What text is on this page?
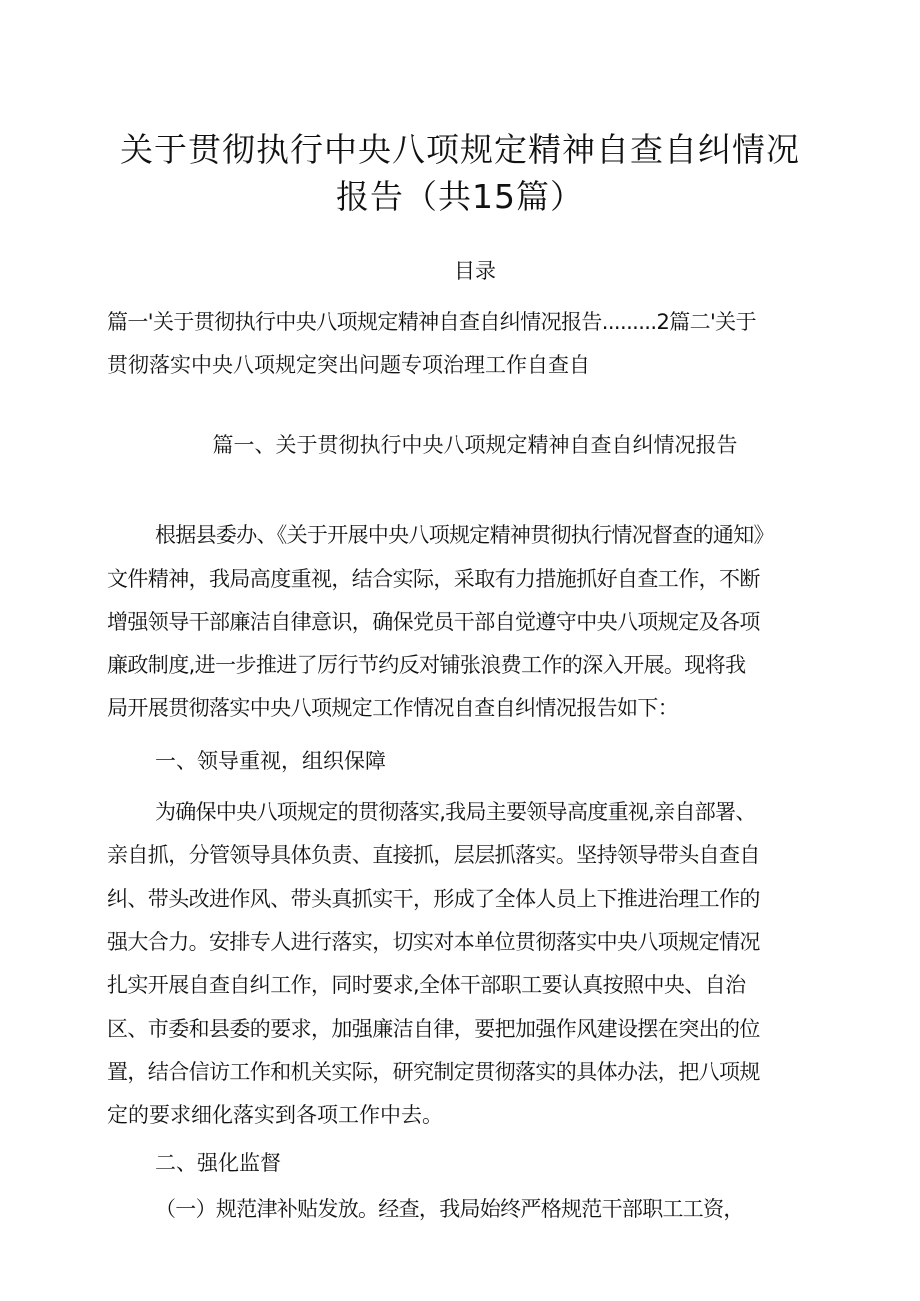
关于贯彻执行中央八项规定精神自查自纠情况
报告（共15篇）
目录
篇一'关于贯彻执行中央八项规定精神自查自纠情况报告.........2篇二'关于
贯彻落实中央八项规定突出问题专项治理工作自查自
篇一、关于贯彻执行中央八项规定精神自查自纠情况报告
根据县委办、《关于开展中央八项规定精神贯彻执行情况督查的通知》
文件精神，我局高度重视，结合实际，采取有力措施抓好自查工作，不断
增强领导干部廉洁自律意识，确保党员干部自觉遵守中央八项规定及各项
廉政制度,进一步推进了厉行节约反对铺张浪费工作的深入开展。现将我
局开展贯彻落实中央八项规定工作情况自查自纠情况报告如下：
一、领导重视，组织保障
为确保中央八项规定的贯彻落实,我局主要领导高度重视,亲自部署、
亲自抓，分管领导具体负责、直接抓，层层抓落实。坚持领导带头自查自
纠、带头改进作风、带头真抓实干，形成了全体人员上下推进治理工作的
强大合力。安排专人进行落实，切实对本单位贯彻落实中央八项规定情况
扎实开展自查自纠工作，同时要求,全体干部职工要认真按照中央、自治
区、市委和县委的要求，加强廉洁自律，要把加强作风建设摆在突出的位
置，结合信访工作和机关实际，研究制定贯彻落实的具体办法，把八项规
定的要求细化落实到各项工作中去。
二、强化监督
（一）规范津补贴发放。经查，我局始终严格规范干部职工工资，
